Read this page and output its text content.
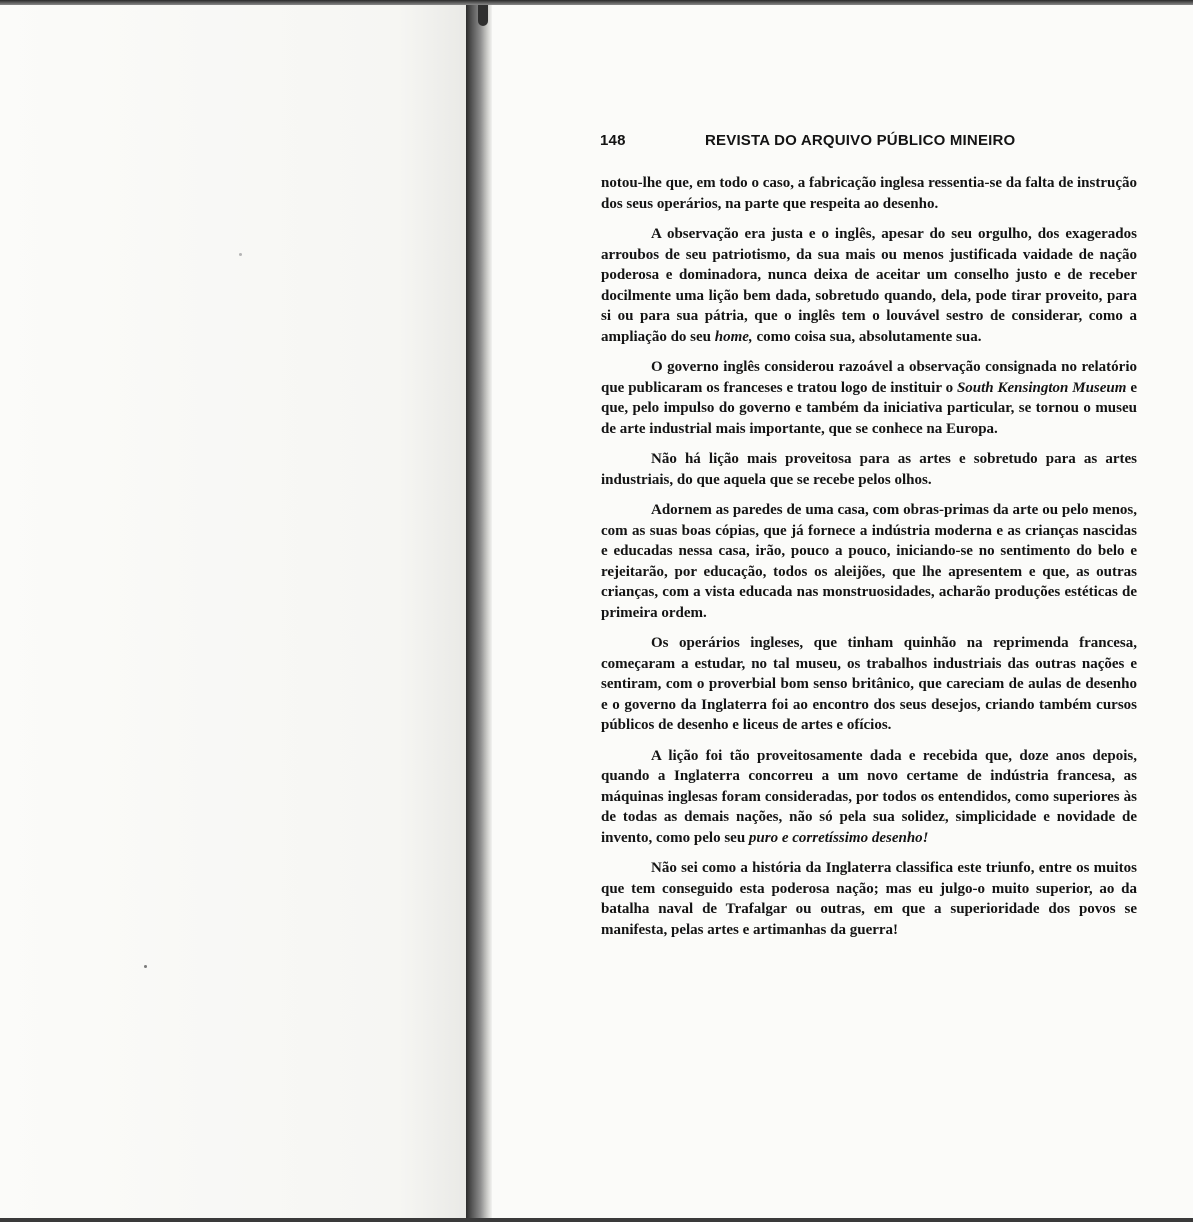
148	REVISTA DO ARQUIVO PÚBLICO MINEIRO

notou-lhe que, em todo o caso, a fabricação inglesa ressentia-se da falta de instrução dos seus operários, na parte que respeita ao desenho.

A observação era justa e o inglês, apesar do seu orgulho, dos exagerados arroubos de seu patriotismo, da sua mais ou menos justificada vaidade de nação poderosa e dominadora, nunca deixa de aceitar um conselho justo e de receber docilmente uma lição bem dada, sobretudo quando, dela, pode tirar proveito, para si ou para sua pátria, que o inglês tem o louvável sestro de considerar, como a ampliação do seu home, como coisa sua, absolutamente sua.

O governo inglês considerou razoável a observação consignada no relatório que publicaram os franceses e tratou logo de instituir o South Kensington Museum e que, pelo impulso do governo e também da iniciativa particular, se tornou o museu de arte industrial mais importante, que se conhece na Europa.

Não há lição mais proveitosa para as artes e sobretudo para as artes industriais, do que aquela que se recebe pelos olhos.

Adornem as paredes de uma casa, com obras-primas da arte ou pelo menos, com as suas boas cópias, que já fornece a indústria moderna e as crianças nascidas e educadas nessa casa, irão, pouco a pouco, iniciando-se no sentimento do belo e rejeitarão, por educação, todos os aleijões, que lhe apresentem e que, as outras crianças, com a vista educada nas monstruosidades, acharão produções estéticas de primeira ordem.

Os operários ingleses, que tinham quinhão na reprimenda francesa, começaram a estudar, no tal museu, os trabalhos industriais das outras nações e sentiram, com o proverbial bom senso britânico, que careciam de aulas de desenho e o governo da Inglaterra foi ao encontro dos seus desejos, criando também cursos públicos de desenho e liceus de artes e ofícios.

A lição foi tão proveitosamente dada e recebida que, doze anos depois, quando a Inglaterra concorreu a um novo certame de indústria francesa, as máquinas inglesas foram consideradas, por todos os entendidos, como superiores às de todas as demais nações, não só pela sua solidez, simplicidade e novidade de invento, como pelo seu puro e corretíssimo desenho!

Não sei como a história da Inglaterra classifica este triunfo, entre os muitos que tem conseguido esta poderosa nação; mas eu julgo-o muito superior, ao da batalha naval de Trafalgar ou outras, em que a superioridade dos povos se manifesta, pelas artes e artimanhas da guerra!
